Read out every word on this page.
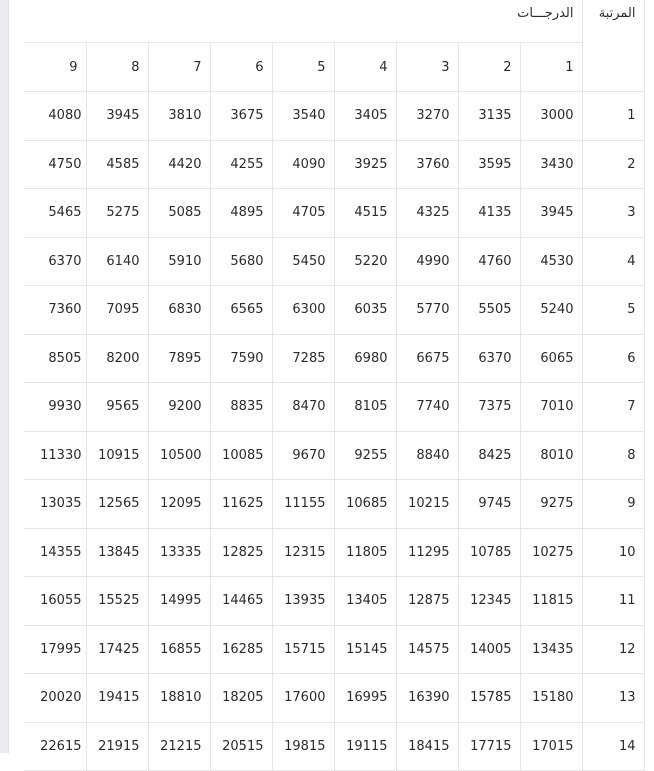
المرتبة	الدرجـــات								
	1	2	3	4	5	6	7	8	9
1	3000	3135	3270	3405	3540	3675	3810	3945	4080
2	3430	3595	3760	3925	4090	4255	4420	4585	4750
3	3945	4135	4325	4515	4705	4895	5085	5275	5465
4	4530	4760	4990	5220	5450	5680	5910	6140	6370
5	5240	5505	5770	6035	6300	6565	6830	7095	7360
6	6065	6370	6675	6980	7285	7590	7895	8200	8505
7	7010	7375	7740	8105	8470	8835	9200	9565	9930
8	8010	8425	8840	9255	9670	10085	10500	10915	11330
9	9275	9745	10215	10685	11155	11625	12095	12565	13035
10	10275	10785	11295	11805	12315	12825	13335	13845	14355
11	11815	12345	12875	13405	13935	14465	14995	15525	16055
12	13435	14005	14575	15145	15715	16285	16855	17425	17995
13	15180	15785	16390	16995	17600	18205	18810	19415	20020
14	17015	17715	18415	19115	19815	20515	21215	21915	22615
